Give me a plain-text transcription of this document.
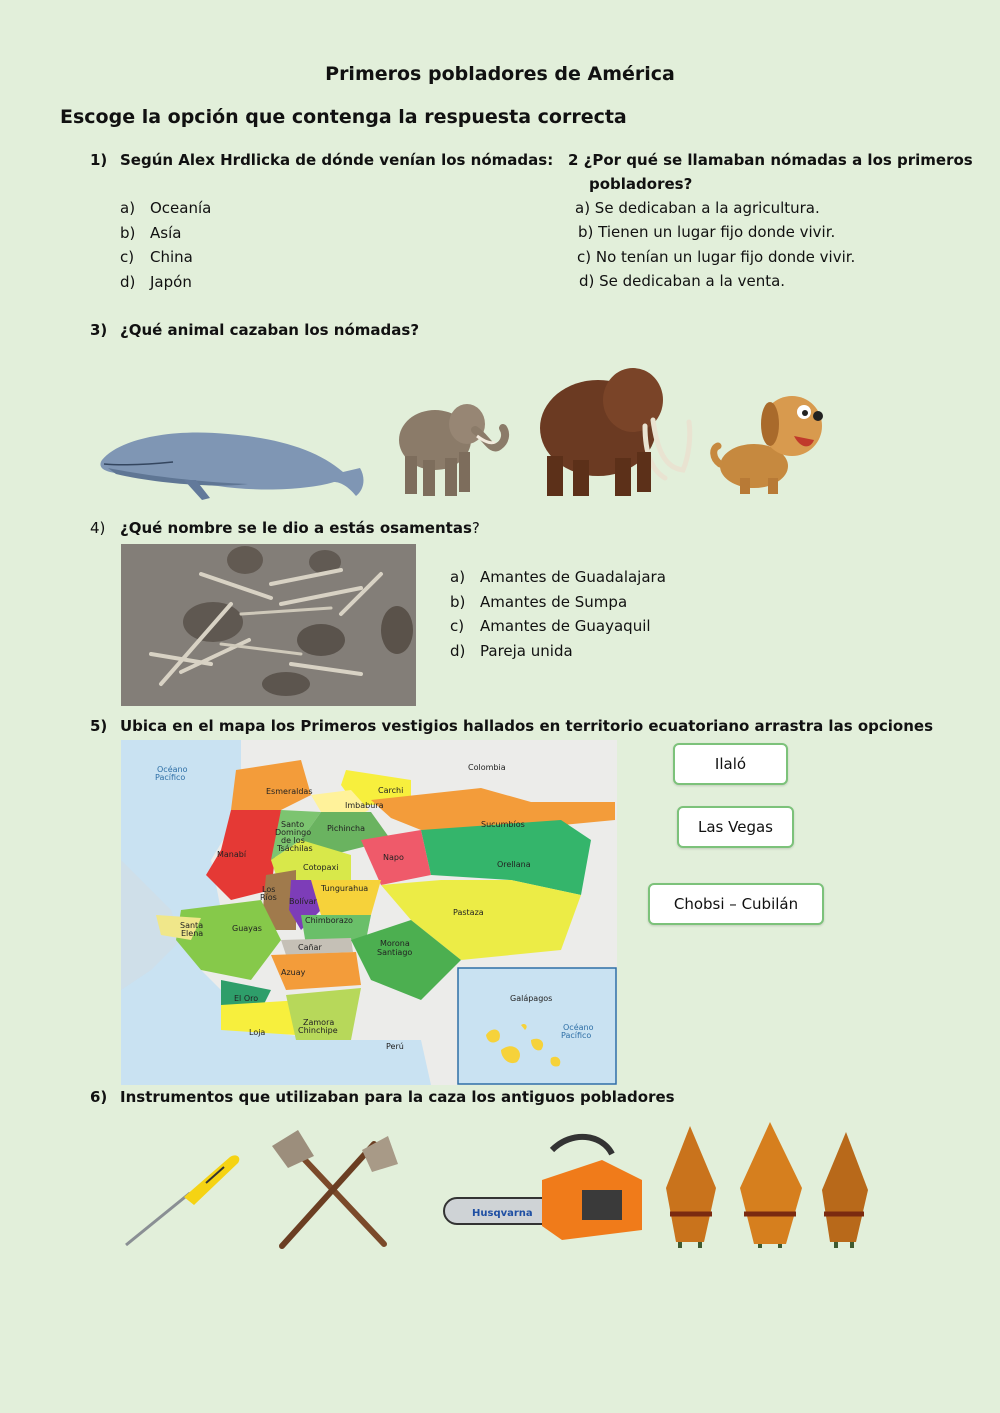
Primeros pobladores de América
Escoge la opción que contenga la respuesta correcta
1) Según Alex Hrdlicka de dónde venían los nómadas:
a) Oceanía
b) Asía
c) China
d) Japón
2 ¿Por qué se llamaban nómadas a los primeros
pobladores?
a) Se dedicaban a la agricultura.
b) Tienen un lugar fijo donde vivir.
c) No tenían un lugar fijo donde vivir.
d) Se dedicaban a la venta.
3) ¿Qué animal cazaban los nómadas?
4) ¿Qué nombre se le dio a estás osamentas?
a) Amantes de Guadalajara
b) Amantes de Sumpa
c) Amantes de Guayaquil
d) Pareja unida
5) Ubica en el mapa los Primeros vestigios hallados en territorio ecuatoriano arrastra las opciones
Océano
Pacífico
Colombia
Esmeraldas	Carchi
Imbabura
Sucumbíos
Santo
Domingo
de los
Tsáchilas
Pichincha
Manabí	Napo
Orellana
Cotopaxi
Los
Ríos
Tungurahua
Bolívar
Pastaza
Santa
Elena
Guayas
Chimborazo
Cañar	Morona
Santiago
Azuay
El Oro	Galápagos
Océano
Pacífico
Loja
Zamora
Chinchipe
Perú
Ilaló
Las Vegas
Chobsi – Cubilán
6) Instrumentos que utilizaban para la caza los antiguos pobladores
Husqvarna
